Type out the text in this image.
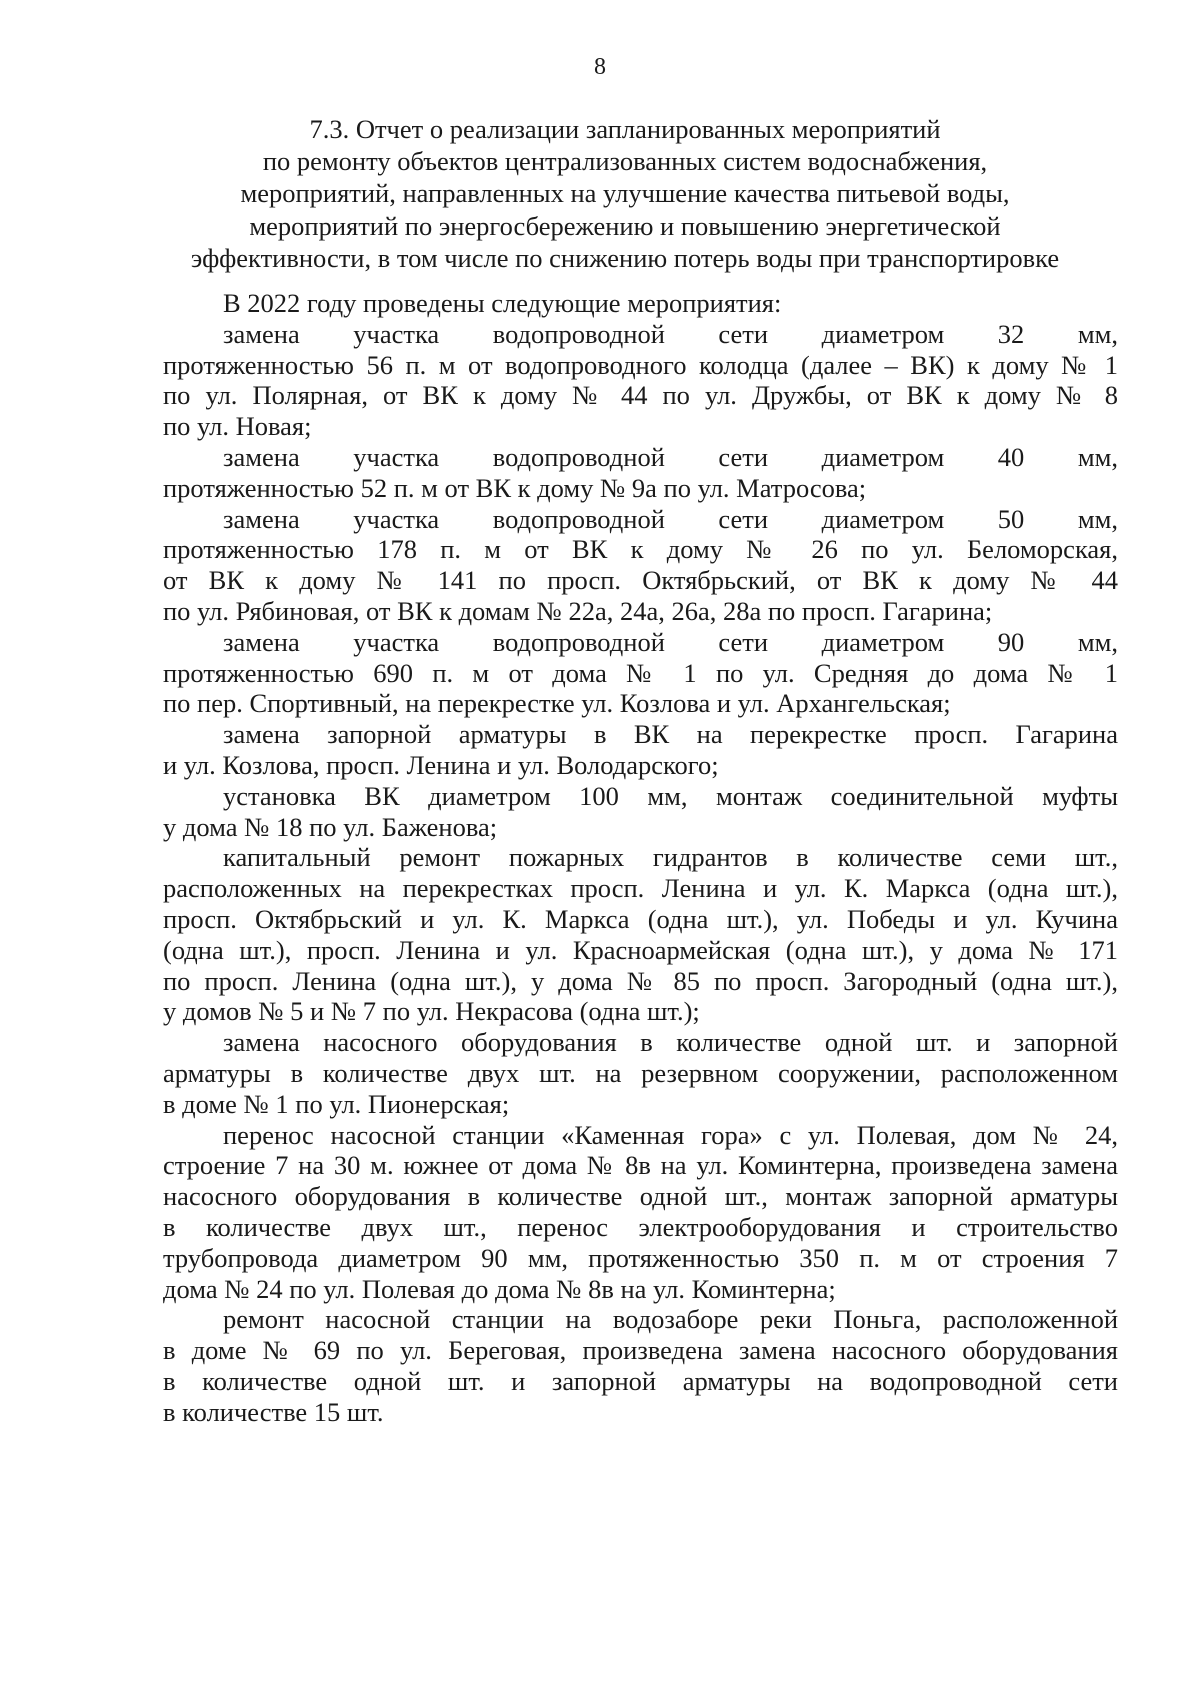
8
7.3. Отчет о реализации запланированных мероприятий
по ремонту объектов централизованных систем водоснабжения,
мероприятий, направленных на улучшение качества питьевой воды,
мероприятий по энергосбережению и повышению энергетической
эффективности, в том числе по снижению потерь воды при транспортировке

В 2022 году проведены следующие мероприятия:

замена участка водопроводной сети диаметром 32 мм,
протяженностью 56 п. м от водопроводного колодца (далее – ВК) к дому № 1
по ул. Полярная, от ВК к дому № 44 по ул. Дружбы, от ВК к дому № 8
по ул. Новая;

замена участка водопроводной сети диаметром 40 мм,
протяженностью 52 п. м от ВК к дому № 9а по ул. Матросова;

замена участка водопроводной сети диаметром 50 мм,
протяженностью 178 п. м от ВК к дому № 26 по ул. Беломорская,
от ВК к дому № 141 по просп. Октябрьский, от ВК к дому № 44
по ул. Рябиновая, от ВК к домам № 22а, 24а, 26а, 28а по просп. Гагарина;

замена участка водопроводной сети диаметром 90 мм,
протяженностью 690 п. м от дома № 1 по ул. Средняя до дома № 1
по пер. Спортивный, на перекрестке ул. Козлова и ул. Архангельская;

замена запорной арматуры в ВК на перекрестке просп. Гагарина
и ул. Козлова, просп. Ленина и ул. Володарского;

установка ВК диаметром 100 мм, монтаж соединительной муфты
у дома № 18 по ул. Баженова;

капитальный ремонт пожарных гидрантов в количестве семи шт.,
расположенных на перекрестках просп. Ленина и ул. К. Маркса (одна шт.),
просп. Октябрьский и ул. К. Маркса (одна шт.), ул. Победы и ул. Кучина
(одна шт.), просп. Ленина и ул. Красноармейская (одна шт.), у дома № 171
по просп. Ленина (одна шт.), у дома № 85 по просп. Загородный (одна шт.),
у домов № 5 и № 7 по ул. Некрасова (одна шт.);

замена насосного оборудования в количестве одной шт. и запорной
арматуры в количестве двух шт. на резервном сооружении, расположенном
в доме № 1 по ул. Пионерская;

перенос насосной станции «Каменная гора» с ул. Полевая, дом № 24,
строение 7 на 30 м. южнее от дома № 8в на ул. Коминтерна, произведена замена
насосного оборудования в количестве одной шт., монтаж запорной арматуры
в количестве двух шт., перенос электрооборудования и строительство
трубопровода диаметром 90 мм, протяженностью 350 п. м от строения 7
дома № 24 по ул. Полевая до дома № 8в на ул. Коминтерна;

ремонт насосной станции на водозаборе реки Поньга, расположенной
в доме № 69 по ул. Береговая, произведена замена насосного оборудования
в количестве одной шт. и запорной арматуры на водопроводной сети
в количестве 15 шт.
